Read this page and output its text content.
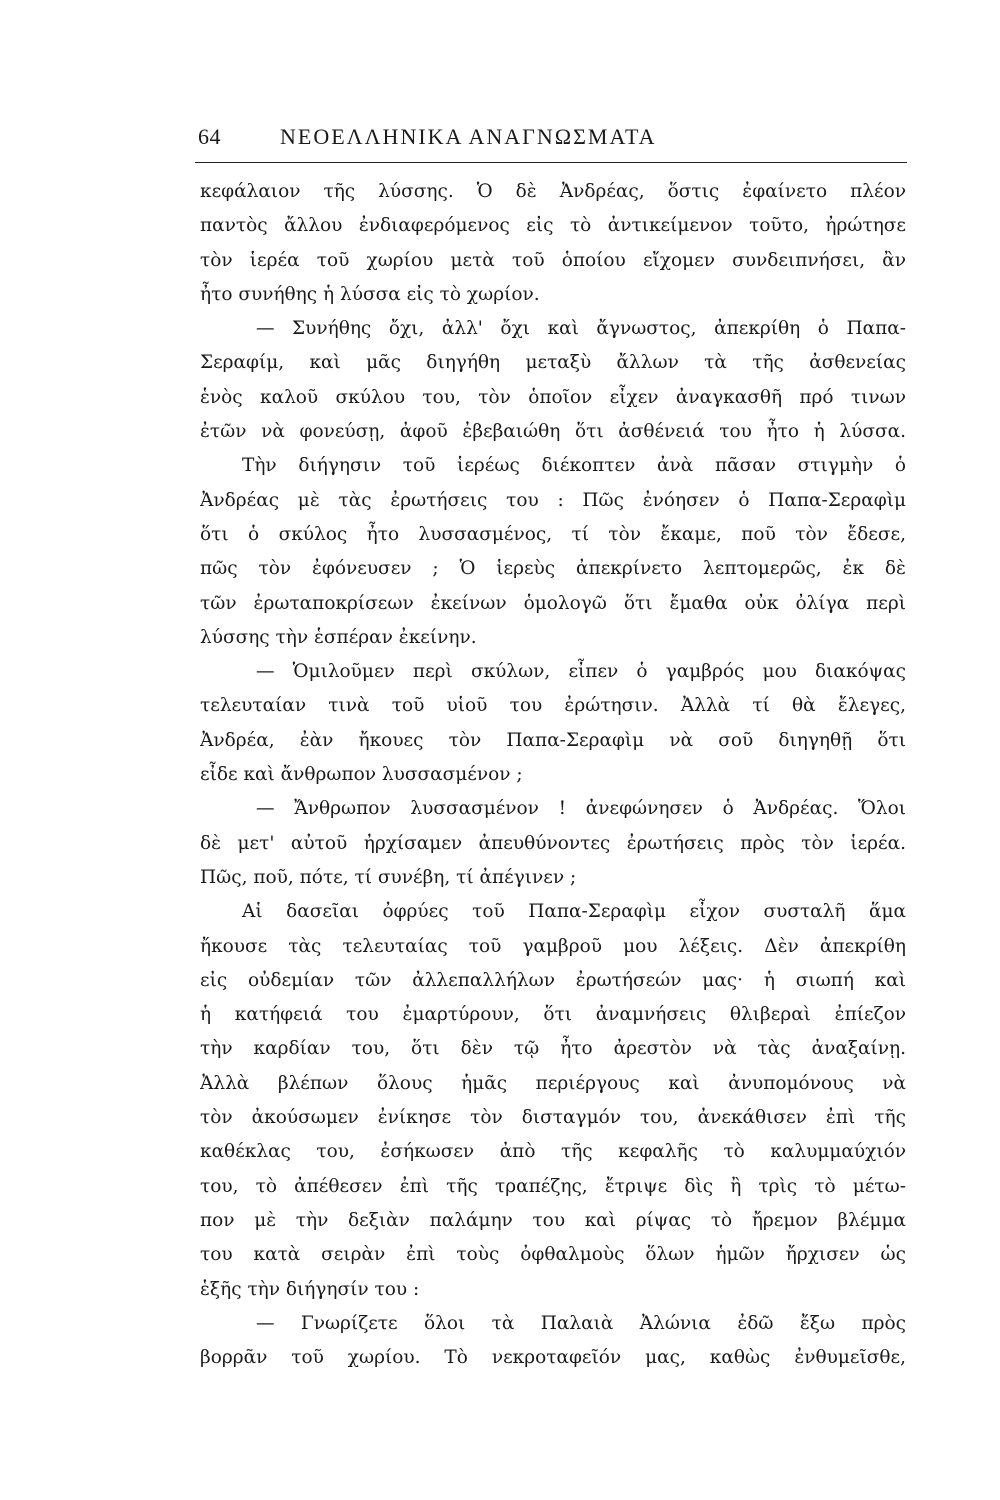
64	ΝΕΟΕΛΛΗΝΙΚΑ ΑΝΑΓΝΩΣΜΑΤΑ
κεφάλαιον τῆς λύσσης. Ὁ δὲ Ἀνδρέας, ὅστις ἐφαίνετο πλέον
παντὸς ἄλλου ἐνδιαφερόμενος εἰς τὸ ἀντικείμενον τοῦτο, ἠρώτησε
τὸν ἱερέα τοῦ χωρίου μετὰ τοῦ ὁποίου εἴχομεν συνδειπνήσει, ἂν
ἦτο συνήθης ἡ λύσσα εἰς τὸ χωρίον.
— Συνήθης ὄχι, ἀλλ' ὄχι καὶ ἄγνωστος, ἀπεκρίθη ὁ Παπα-
Σεραφίμ, καὶ μᾶς διηγήθη μεταξὺ ἄλλων τὰ τῆς ἀσθενείας
ἑνὸς καλοῦ σκύλου του, τὸν ὁποῖον εἶχεν ἀναγκασθῆ πρό τινων
ἐτῶν νὰ φονεύσῃ, ἀφοῦ ἐβεβαιώθη ὅτι ἀσθένειά του ἦτο ἡ λύσσα.
Τὴν διήγησιν τοῦ ἱερέως διέκοπτεν ἀνὰ πᾶσαν στιγμὴν ὁ
Ἀνδρέας μὲ τὰς ἐρωτήσεις του : Πῶς ἐνόησεν ὁ Παπα-Σεραφὶμ
ὅτι ὁ σκύλος ἦτο λυσσασμένος, τί τὸν ἔκαμε, ποῦ τὸν ἔδεσε,
πῶς τὸν ἐφόνευσεν ; Ὁ ἱερεὺς ἀπεκρίνετο λεπτομερῶς, ἐκ δὲ
τῶν ἐρωταποκρίσεων ἐκείνων ὁμολογῶ ὅτι ἔμαθα οὐκ ὀλίγα περὶ
λύσσης τὴν ἑσπέραν ἐκείνην.
— Ὁμιλοῦμεν περὶ σκύλων, εἶπεν ὁ γαμβρός μου διακόψας
τελευταίαν τινὰ τοῦ υἱοῦ του ἐρώτησιν. Ἀλλὰ τί θὰ ἔλεγες,
Ἀνδρέα, ἐὰν ἤκουες τὸν Παπα-Σεραφὶμ νὰ σοῦ διηγηθῇ ὅτι
εἶδε καὶ ἄνθρωπον λυσσασμένον ;
— Ἄνθρωπον λυσσασμένον ! ἀνεφώνησεν ὁ Ἀνδρέας. Ὅλοι
δὲ μετ' αὐτοῦ ἠρχίσαμεν ἀπευθύνοντες ἐρωτήσεις πρὸς τὸν ἱερέα.
Πῶς, ποῦ, πότε, τί συνέβη, τί ἀπέγινεν ;
Αἱ δασεῖαι ὀφρύες τοῦ Παπα-Σεραφὶμ εἶχον συσταλῆ ἅμα
ἤκουσε τὰς τελευταίας τοῦ γαμβροῦ μου λέξεις. Δὲν ἀπεκρίθη
εἰς οὐδεμίαν τῶν ἀλλεπαλλήλων ἐρωτήσεών μας· ἡ σιωπή καὶ
ἡ κατήφειά του ἐμαρτύρουν, ὅτι ἀναμνήσεις θλιβεραὶ ἐπίεζον
τὴν καρδίαν του, ὅτι δὲν τῷ ἦτο ἀρεστὸν νὰ τὰς ἀναξαίνῃ.
Ἀλλὰ βλέπων ὅλους ἡμᾶς περιέργους καὶ ἀνυπομόνους νὰ
τὸν ἀκούσωμεν ἐνίκησε τὸν δισταγμόν του, ἀνεκάθισεν ἐπὶ τῆς
καθέκλας του, ἐσήκωσεν ἀπὸ τῆς κεφαλῆς τὸ καλυμμαύχιόν
του, τὸ ἀπέθεσεν ἐπὶ τῆς τραπέζης, ἔτριψε δὶς ἢ τρὶς τὸ μέτω-
πον μὲ τὴν δεξιὰν παλάμην του καὶ ρίψας τὸ ἤρεμον βλέμμα
του κατὰ σειρὰν ἐπὶ τοὺς ὀφθαλμοὺς ὅλων ἡμῶν ἤρχισεν ὡς
ἑξῆς τὴν διήγησίν του :
— Γνωρίζετε ὅλοι τὰ Παλαιὰ Ἀλώνια ἐδῶ ἔξω πρὸς
βορρᾶν τοῦ χωρίου. Τὸ νεκροταφεῖόν μας, καθὼς ἐνθυμεῖσθε,
